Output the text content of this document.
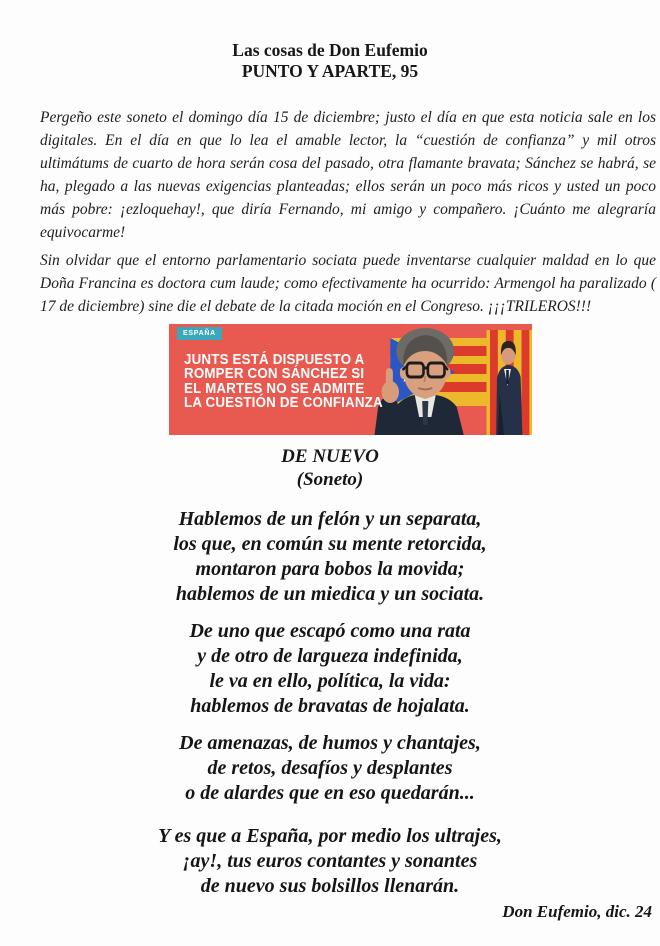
Las cosas de Don Eufemio
PUNTO Y APARTE, 95

Pergeño este soneto el domingo día 15 de diciembre; justo el día en que esta noticia sale en los digitales. En el día en que lo lea el amable lector, la “cuestión de confianza” y mil otros ultimátums de cuarto de hora serán cosa del pasado, otra flamante bravata; Sánchez se habrá, se ha, plegado a las nuevas exigencias planteadas; ellos serán un poco más ricos y usted un poco más pobre: ¡ezloquehay!, que diría Fernando, mi amigo y compañero. ¡Cuánto me alegraría equivocarme!

Sin olvidar que el entorno parlamentario sociata puede inventarse cualquier maldad en lo que Doña Francina es doctora cum laude; como efectivamente ha ocurrido: Armengol ha paralizado ( 17 de diciembre) sine die el debate de la citada moción en el Congreso. ¡¡¡TRILEROS!!!

ESPAÑA
JUNTS ESTÁ DISPUESTO A
ROMPER CON SÁNCHEZ SI
EL MARTES NO SE ADMITE
LA CUESTIÓN DE CONFIANZA
DE NUEVO
(Soneto)
Hablemos de un felón y un separata,
los que, en común su mente retorcida,
montaron para bobos la movida;
hablemos de un miedica y un sociata.
De uno que escapó como una rata
y de otro de largueza indefinida,
le va en ello, política, la vida:
hablemos de bravatas de hojalata.
De amenazas, de humos y chantajes,
de retos, desafíos y desplantes
o de alardes que en eso quedarán...
Y es que a España, por medio los ultrajes,
¡ay!, tus euros contantes y sonantes
de nuevo sus bolsillos llenarán.
Don Eufemio, dic. 24
